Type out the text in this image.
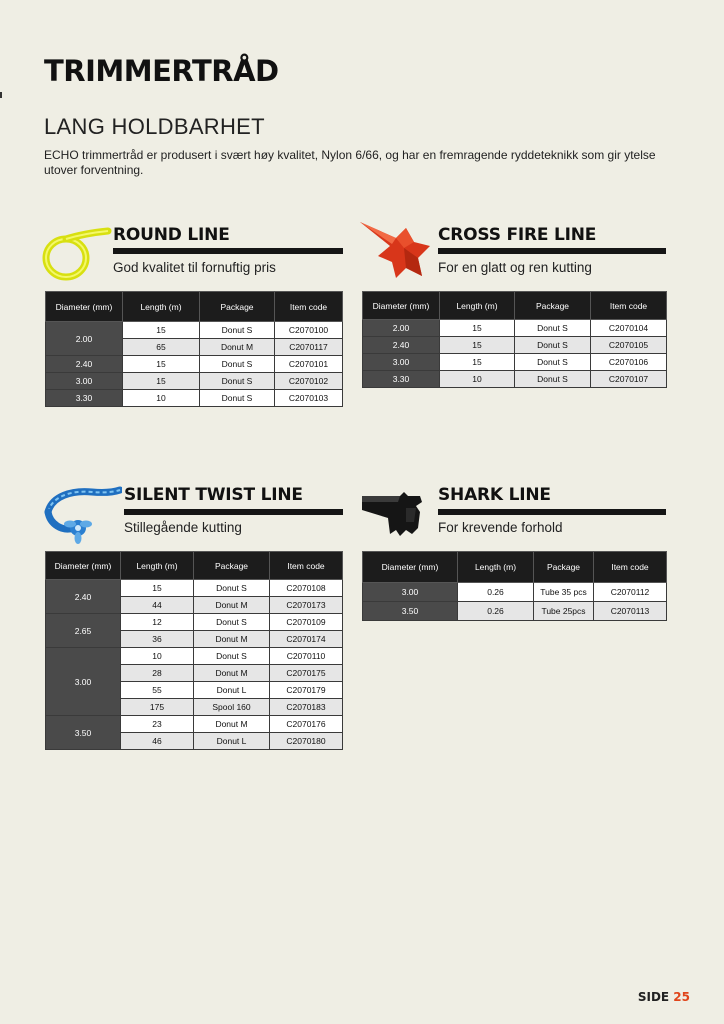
TRIMMERTRÅD
LANG HOLDBARHET

ECHO trimmertråd er produsert i svært høy kvalitet, Nylon 6/66, og har en fremragende ryddeteknikk som gir ytelse utover forventning.

ROUND LINE
God kvalitet til fornuftig pris
Diameter (mm)	Length (m)	Package	Item code
2.00	15	Donut S	C2070100
	65	Donut M	C2070117
2.40	15	Donut S	C2070101
3.00	15	Donut S	C2070102
3.30	10	Donut S	C2070103
CROSS FIRE LINE
For en glatt og ren kutting
Diameter (mm)	Length (m)	Package	Item code
2.00	15	Donut S	C2070104
2.40	15	Donut S	C2070105
3.00	15	Donut S	C2070106
3.30	10	Donut S	C2070107
SILENT TWIST LINE
Stillegående kutting
Diameter (mm)	Length (m)	Package	Item code
2.40	15	Donut S	C2070108
	44	Donut M	C2070173
2.65	12	Donut S	C2070109
	36	Donut M	C2070174
3.00	10	Donut S	C2070110
	28	Donut M	C2070175
	55	Donut L	C2070179
	175	Spool 160	C2070183
3.50	23	Donut M	C2070176
	46	Donut L	C2070180
SHARK LINE
For krevende forhold
Diameter (mm)	Length (m)	Package	Item code
3.00	0.26	Tube 35 pcs	C2070112
3.50	0.26	Tube 25pcs	C2070113
SIDE 25
